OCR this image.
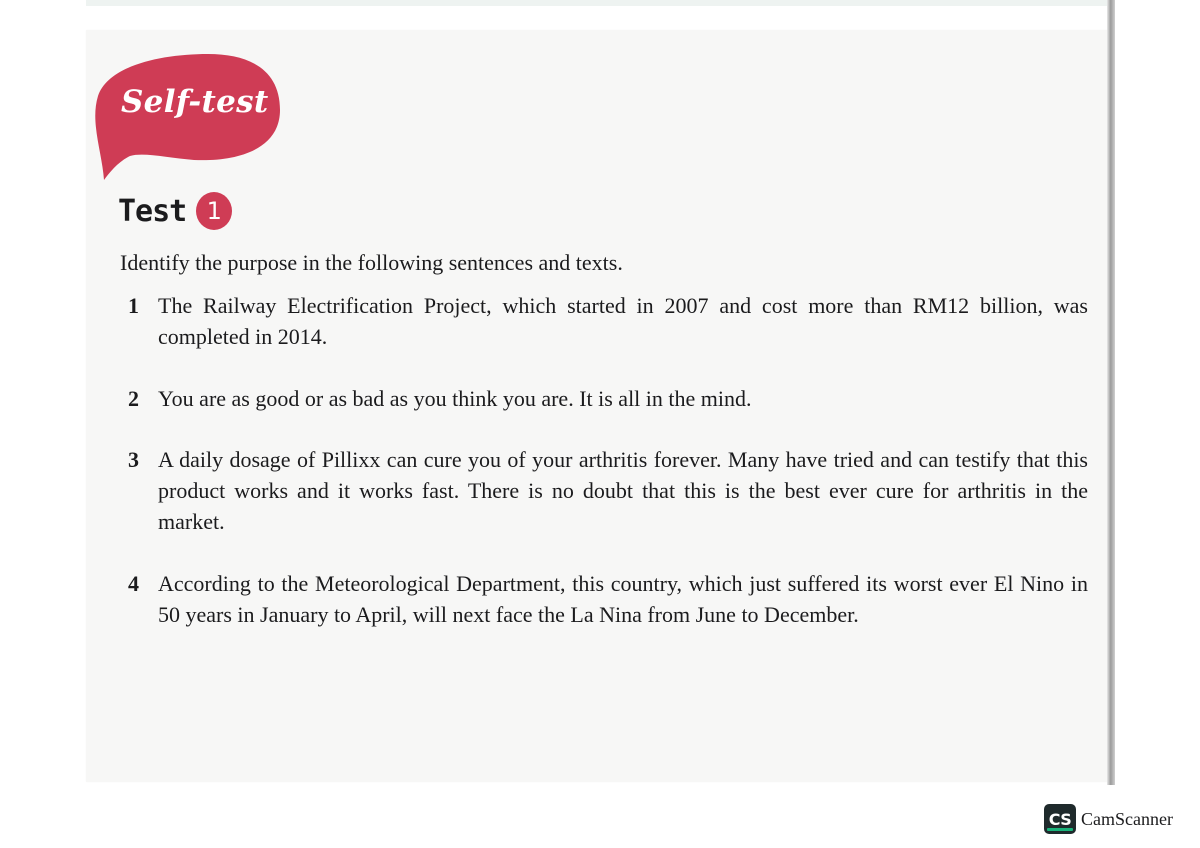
Self-test
Test 1
Identify the purpose in the following sentences and texts.
1 The Railway Electrification Project, which started in 2007 and cost more than RM12 billion, was completed in 2014.
2 You are as good or as bad as you think you are. It is all in the mind.
3 A daily dosage of Pillixx can cure you of your arthritis forever. Many have tried and can testify that this product works and it works fast. There is no doubt that this is the best ever cure for arthritis in the market.
4 According to the Meteorological Department, this country, which just suffered its worst ever El Nino in 50 years in January to April, will next face the La Nina from June to December.
CS CamScanner
